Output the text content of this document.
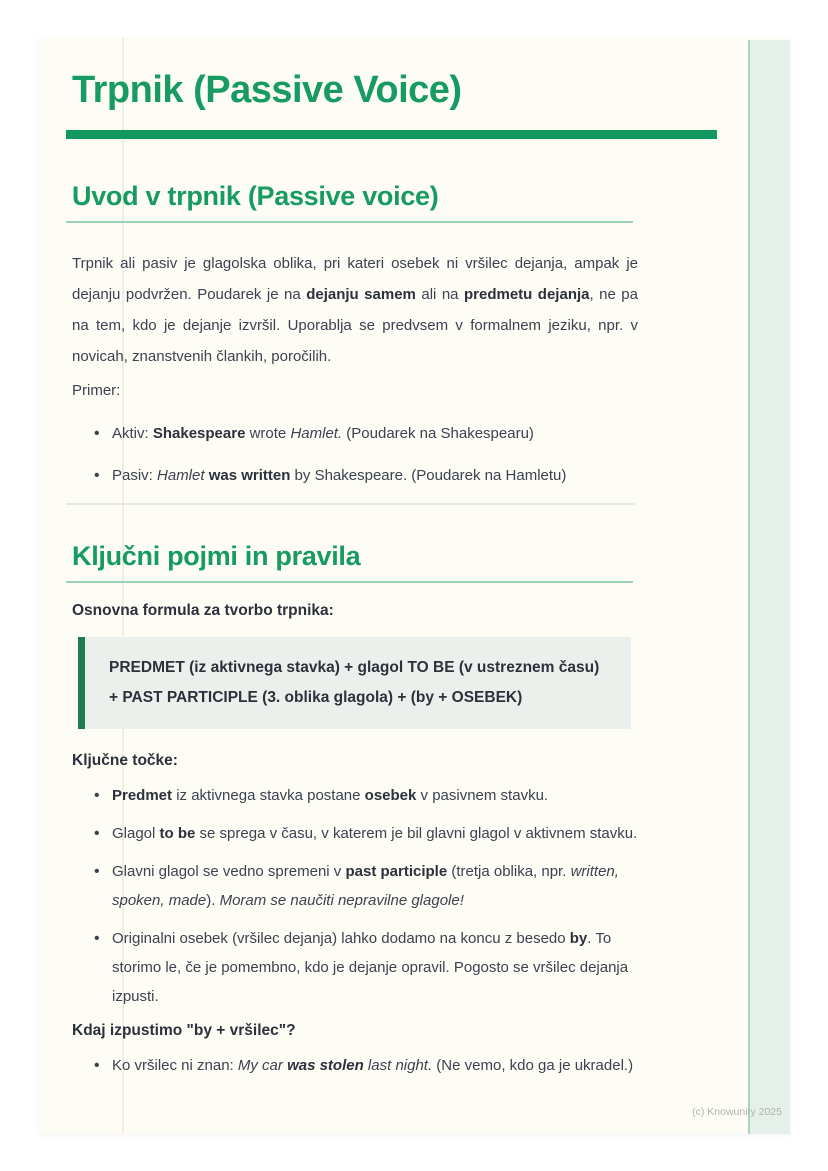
Trpnik (Passive Voice)
Uvod v trpnik (Passive voice)

Trpnik ali pasiv je glagolska oblika, pri kateri osebek ni vršilec dejanja, ampak je dejanju podvržen. Poudarek je na dejanju samem ali na predmetu dejanja, ne pa na tem, kdo je dejanje izvršil. Uporablja se predvsem v formalnem jeziku, npr. v novicah, znanstvenih člankih, poročilih.

Primer:

• Aktiv: Shakespeare wrote Hamlet. (Poudarek na Shakespearu)
• Pasiv: Hamlet was written by Shakespeare. (Poudarek na Hamletu)
Ključni pojmi in pravila

Osnovna formula za tvorbo trpnika:

PREDMET (iz aktivnega stavka) + glagol TO BE (v ustreznem času) + PAST PARTICIPLE (3. oblika glagola) + (by + OSEBEK)

Ključne točke:

• Predmet iz aktivnega stavka postane osebek v pasivnem stavku.
• Glagol to be se sprega v času, v katerem je bil glavni glagol v aktivnem stavku.
• Glavni glagol se vedno spremeni v past participle (tretja oblika, npr. written, spoken, made). Moram se naučiti nepravilne glagole!
• Originalni osebek (vršilec dejanja) lahko dodamo na koncu z besedo by. To storimo le, če je pomembno, kdo je dejanje opravil. Pogosto se vršilec dejanja izpusti.

Kdaj izpustimo "by + vršilec"?

• Ko vršilec ni znan: My car was stolen last night. (Ne vemo, kdo ga je ukradel.)
(c) Knowunity 2025
